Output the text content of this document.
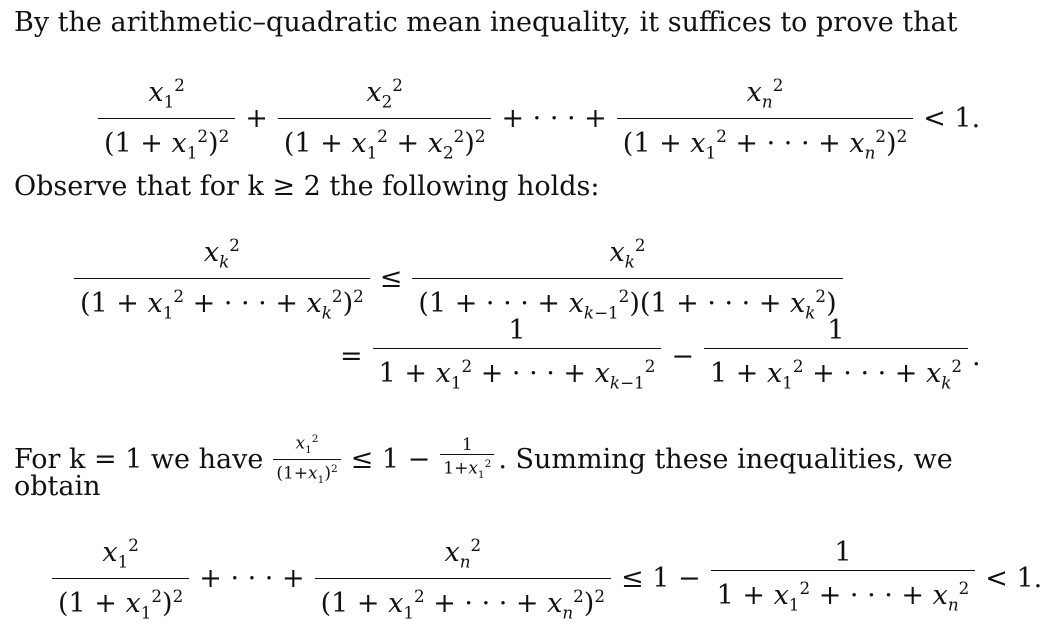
By the arithmetic–quadratic mean inequality, it suffices to prove that
$\frac{x_1^2}{(1 + x_1^2)^2} + \frac{x_2^2}{(1 + x_1^2 + x_2^2)^2}$ + · · · + $\frac{x_n^2}{(1 + x_1^2 + \cdot \cdot \cdot + x_n^2)^2} < 1$.
Observe that for k ≥ 2 the following holds:
$\frac{x_k^2}{(1 + x_1^2 + \cdot \cdot \cdot + x_k^2)^2} \le \frac{x_k^2}{(1 + \cdot \cdot \cdot + x_{k-1}^2)(1 + \cdot \cdot \cdot + x_k^2)}$
= $\frac{1}{1 + x_1^2 + \cdot \cdot \cdot + x_{k-1}^2} - \frac{1}{1 + x_1^2 + \cdot \cdot \cdot + x_k^2}$ .
For k = 1 we have $\frac{x_1^2}{(1+x_1)^2} \le 1 - \frac{1}{1+x_1^2}$ . Summing these inequalities, we
obtain
$\frac{x_1^2}{(1 + x_1^2)^2}$ + · · · + $\frac{x_n^2}{(1 + x_1^2 + \cdot \cdot \cdot + x_n^2)^2} \le 1 - \frac{1}{1 + x_1^2 + \cdot \cdot \cdot + x_n^2} < 1$.
